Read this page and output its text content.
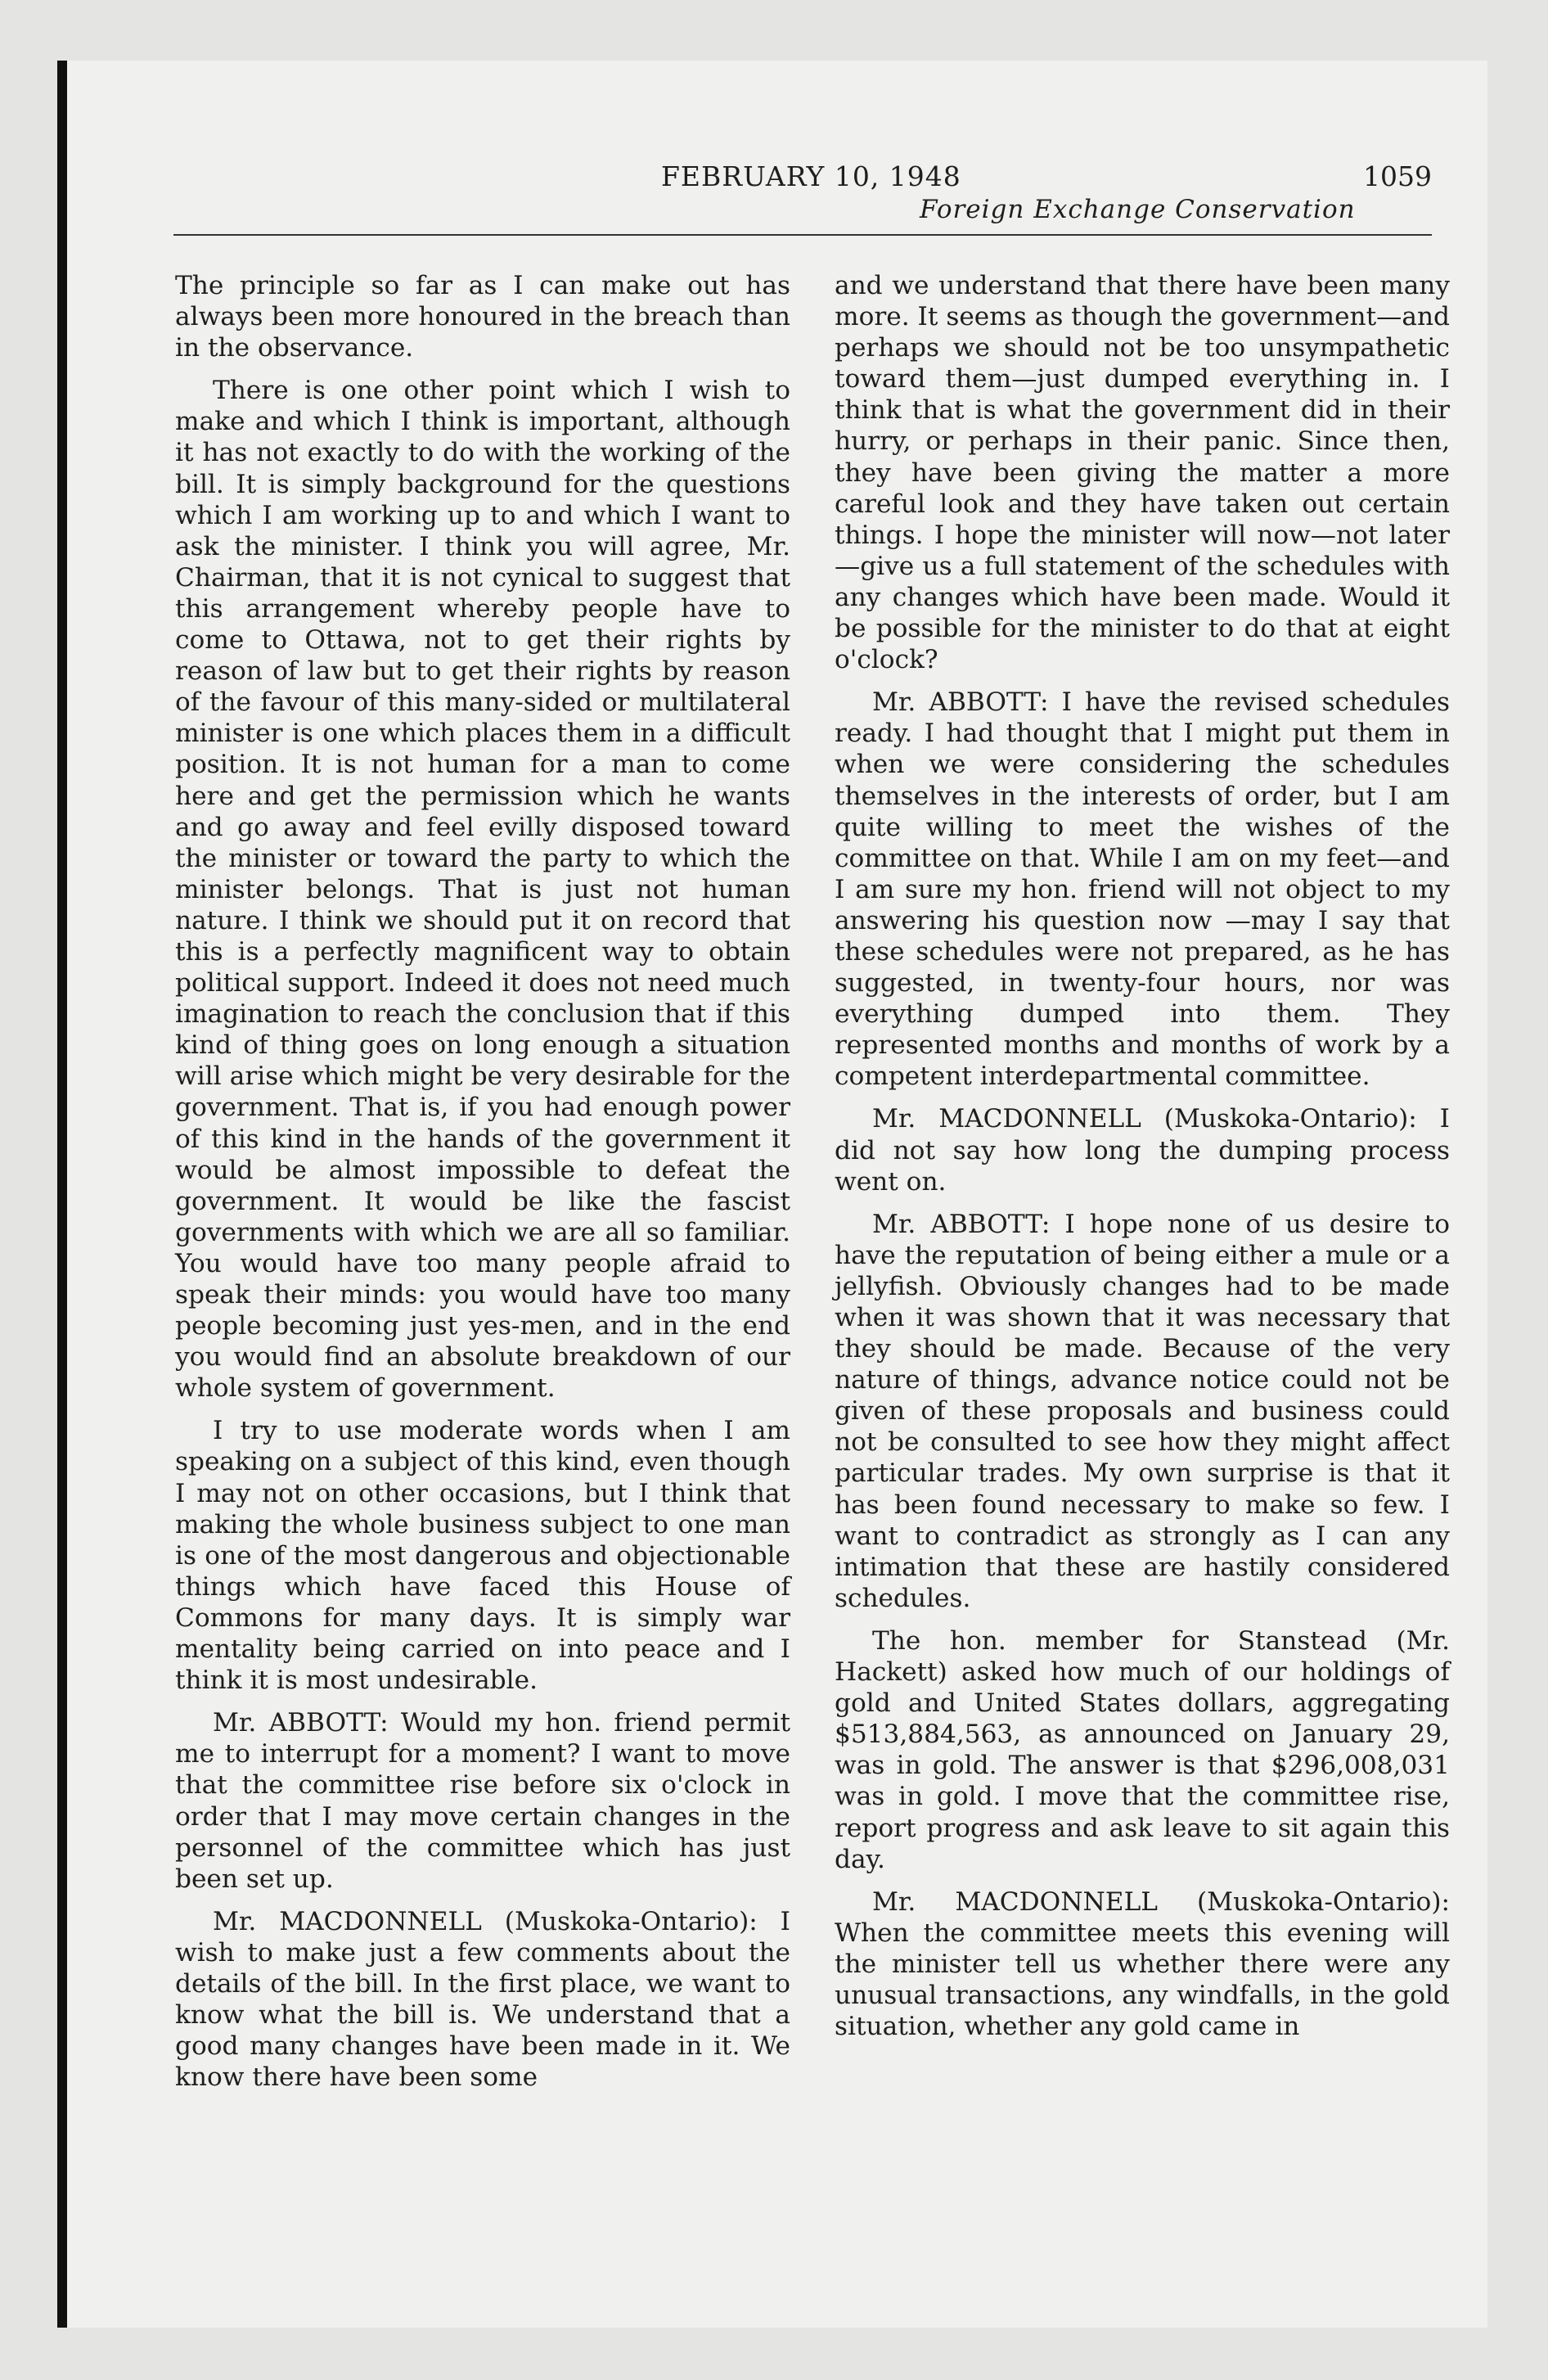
FEBRUARY 10, 1948	1059
Foreign Exchange Conservation

The principle so far as I can make out has always been more honoured in the breach than in the observance.

There is one other point which I wish to make and which I think is important, although it has not exactly to do with the working of the bill. It is simply background for the questions which I am working up to and which I want to ask the minister. I think you will agree, Mr. Chairman, that it is not cynical to suggest that this arrangement whereby people have to come to Ottawa, not to get their rights by reason of law but to get their rights by reason of the favour of this many-sided or multilateral minister is one which places them in a difficult position. It is not human for a man to come here and get the permission which he wants and go away and feel evilly disposed toward the minister or toward the party to which the minister belongs. That is just not human nature. I think we should put it on record that this is a perfectly magnificent way to obtain political support. Indeed it does not need much imagination to reach the conclusion that if this kind of thing goes on long enough a situation will arise which might be very desirable for the government. That is, if you had enough power of this kind in the hands of the government it would be almost impossible to defeat the government. It would be like the fascist governments with which we are all so familiar. You would have too many people afraid to speak their minds: you would have too many people becoming just yes-men, and in the end you would find an absolute breakdown of our whole system of government.

I try to use moderate words when I am speaking on a subject of this kind, even though I may not on other occasions, but I think that making the whole business subject to one man is one of the most dangerous and objectionable things which have faced this House of Commons for many days. It is simply war mentality being carried on into peace and I think it is most undesirable.

Mr. ABBOTT: Would my hon. friend permit me to interrupt for a moment? I want to move that the committee rise before six o'clock in order that I may move certain changes in the personnel of the committee which has just been set up.

Mr. MACDONNELL (Muskoka-Ontario): I wish to make just a few comments about the details of the bill. In the first place, we want to know what the bill is. We understand that a good many changes have been made in it. We know there have been some

and we understand that there have been many more. It seems as though the government—and perhaps we should not be too unsympathetic toward them—just dumped everything in. I think that is what the government did in their hurry, or perhaps in their panic. Since then, they have been giving the matter a more careful look and they have taken out certain things. I hope the minister will now—not later—give us a full statement of the schedules with any changes which have been made. Would it be possible for the minister to do that at eight o'clock?

Mr. ABBOTT: I have the revised schedules ready. I had thought that I might put them in when we were considering the schedules themselves in the interests of order, but I am quite willing to meet the wishes of the committee on that. While I am on my feet—and I am sure my hon. friend will not object to my answering his question now —may I say that these schedules were not prepared, as he has suggested, in twenty-four hours, nor was everything dumped into them. They represented months and months of work by a competent interdepartmental committee.

Mr. MACDONNELL (Muskoka-Ontario): I did not say how long the dumping process went on.

Mr. ABBOTT: I hope none of us desire to have the reputation of being either a mule or a jellyfish. Obviously changes had to be made when it was shown that it was necessary that they should be made. Because of the very nature of things, advance notice could not be given of these proposals and business could not be consulted to see how they might affect particular trades. My own surprise is that it has been found necessary to make so few. I want to contradict as strongly as I can any intimation that these are hastily considered schedules.

The hon. member for Stanstead (Mr. Hackett) asked how much of our holdings of gold and United States dollars, aggregating $513,884,563, as announced on January 29, was in gold. The answer is that $296,008,031 was in gold. I move that the committee rise, report progress and ask leave to sit again this day.

Mr. MACDONNELL (Muskoka-Ontario): When the committee meets this evening will the minister tell us whether there were any unusual transactions, any windfalls, in the gold situation, whether any gold came in
